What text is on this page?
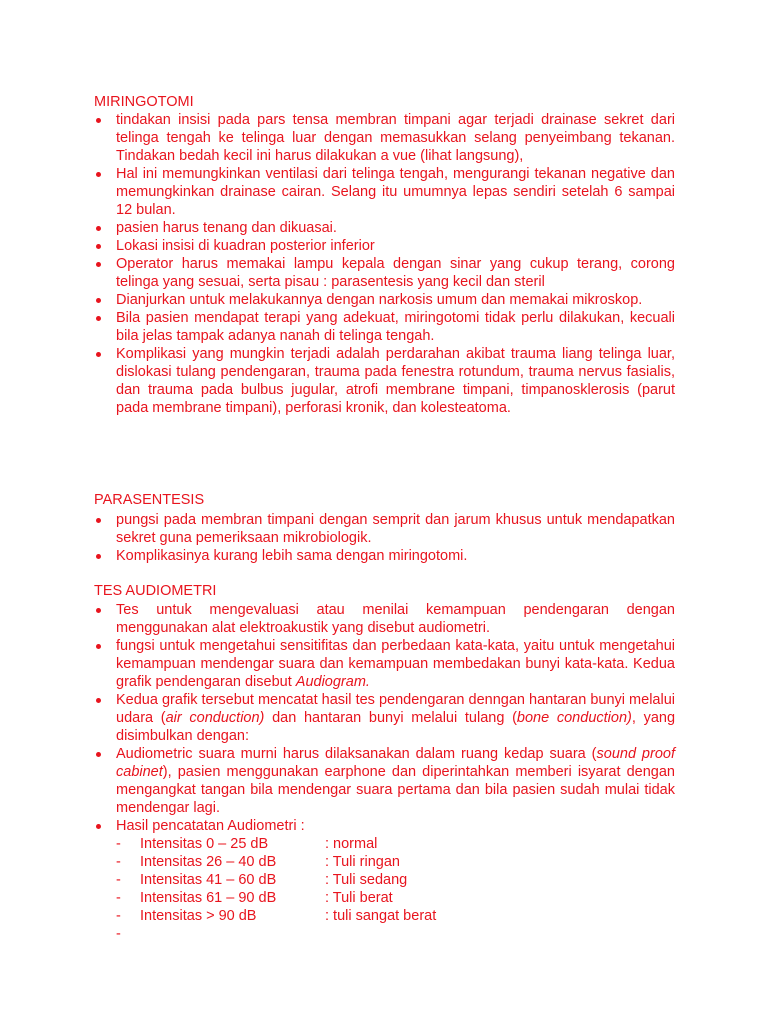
MIRINGOTOMI
tindakan insisi pada pars tensa membran timpani agar terjadi drainase sekret dari telinga tengah ke telinga luar dengan memasukkan selang penyeimbang tekanan. Tindakan bedah kecil ini harus dilakukan a vue (lihat langsung),
Hal ini memungkinkan ventilasi dari telinga tengah, mengurangi tekanan negative dan memungkinkan drainase cairan. Selang itu umumnya lepas sendiri setelah 6 sampai 12 bulan.
pasien harus tenang dan dikuasai.
Lokasi insisi di kuadran posterior inferior
Operator harus memakai lampu kepala dengan sinar yang cukup terang, corong telinga yang sesuai, serta pisau : parasentesis yang kecil dan steril
Dianjurkan untuk melakukannya dengan narkosis umum dan memakai mikroskop.
Bila pasien mendapat terapi yang adekuat, miringotomi tidak perlu dilakukan, kecuali bila jelas tampak adanya nanah di telinga tengah.
Komplikasi yang mungkin terjadi adalah perdarahan akibat trauma liang telinga luar, dislokasi tulang pendengaran, trauma pada fenestra rotundum, trauma nervus fasialis, dan trauma pada bulbus jugular, atrofi membrane timpani, timpanosklerosis (parut pada membrane timpani), perforasi kronik, dan kolesteatoma.
PARASENTESIS
pungsi pada membran timpani dengan semprit dan jarum khusus untuk mendapatkan sekret guna pemeriksaan mikrobiologik.
Komplikasinya kurang lebih sama dengan miringotomi.
TES AUDIOMETRI
Tes untuk mengevaluasi atau menilai kemampuan pendengaran dengan menggunakan alat elektroakustik yang disebut audiometri.
fungsi untuk mengetahui sensitifitas dan perbedaan kata-kata, yaitu untuk mengetahui kemampuan mendengar suara dan kemampuan membedakan bunyi kata-kata. Kedua grafik pendengaran disebut Audiogram.
Kedua grafik tersebut mencatat hasil tes pendengaran denngan hantaran bunyi melalui udara (air conduction) dan hantaran bunyi melalui tulang (bone conduction), yang disimbulkan dengan:
Audiometric suara murni harus dilaksanakan dalam ruang kedap suara (sound proof cabinet), pasien menggunakan earphone dan diperintahkan memberi isyarat dengan mengangkat tangan bila mendengar suara pertama dan bila pasien sudah mulai tidak mendengar lagi.
Hasil pencatatan Audiometri :
-	Intensitas 0 – 25 dB	: normal
-	Intensitas 26 – 40 dB	: Tuli ringan
-	Intensitas 41 – 60 dB	: Tuli sedang
-	Intensitas 61 – 90 dB	: Tuli berat
-	Intensitas > 90 dB	: tuli sangat berat
-
